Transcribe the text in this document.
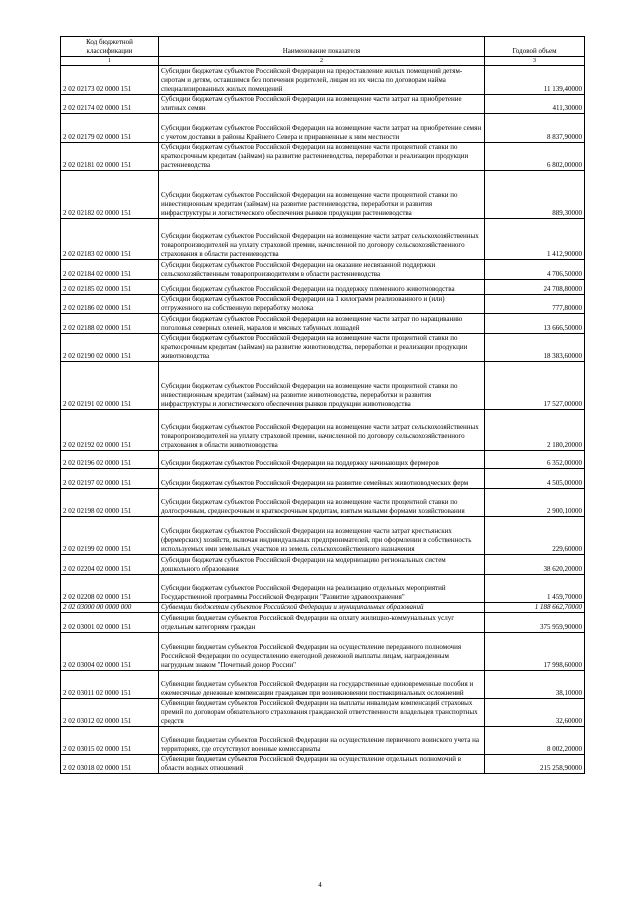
Код бюджетной классификации	Наименование показателя	Годовой объем
1	2	3
2 02 02173 02 0000 151	Субсидии бюджетам субъектов Российской Федерации на предоставление жилых помещений детям-сиротам и детям, оставшимся без попечения родителей, лицам из их числа по договорам найма специализированных жилых помещений	11 139,40000
2 02 02174 02 0000 151	Субсидии бюджетам субъектов Российской Федерации на возмещение части затрат на приобретение элитных семян	411,30000
2 02 02179 02 0000 151	Субсидии бюджетам субъектов Российской Федерации на возмещение части затрат на приобретение семян с учетом доставки в районы Крайнего Севера и приравненные к ним местности	8 837,90000
2 02 02181 02 0000 151	Субсидии бюджетам субъектов Российской Федерации на возмещение части процентной ставки по краткосрочным кредитам (займам) на развитие растениеводства, переработки и реализации продукции растениеводства	6 802,00000
2 02 02182 02 0000 151	Субсидии бюджетам субъектов Российской Федерации на возмещение части процентной ставки по инвестиционным кредитам (займам) на развитие растениеводства, переработки и развития инфраструктуры и логистического обеспечения рынков продукции растениеводства	889,30000
2 02 02183 02 0000 151	Субсидии бюджетам субъектов Российской Федерации на возмещение части затрат сельскохозяйственных товаропроизводителей на уплату страховой премии, начисленной по договору сельскохозяйственного страхования в области растениеводства	1 412,90000
2 02 02184 02 0000 151	Субсидии бюджетам субъектов Российской Федерации на оказание несвязанной поддержки сельскохозяйственным товаропроизводителям в области растениеводства	4 706,50000
2 02 02185 02 0000 151	Субсидии бюджетам субъектов Российской Федерации на поддержку племенного животноводства	24 708,80000
2 02 02186 02 0000 151	Субсидии бюджетам субъектов Российской Федерации на 1 килограмм реализованного и (или) отгруженного на собственную переработку молока	777,80000
2 02 02188 02 0000 151	Субсидии бюджетам субъектов Российской Федерации на возмещение части затрат по наращиванию поголовья северных оленей, маралов и мясных табунных лошадей	13 666,50000
2 02 02190 02 0000 151	Субсидии бюджетам субъектов Российской Федерации на возмещение части процентной ставки по краткосрочным кредитам (займам) на развитие животноводства, переработки и реализации продукции животноводства	18 383,60000
2 02 02191 02 0000 151	Субсидии бюджетам субъектов Российской Федерации на возмещение части процентной ставки по инвестиционным кредитам (займам) на развитие животноводства, переработки и развития инфраструктуры и логистического обеспечения рынков продукции животноводства	17 527,00000
2 02 02192 02 0000 151	Субсидии бюджетам субъектов Российской Федерации на возмещение части затрат сельскохозяйственных товаропроизводителей на уплату страховой премии, начисленной по договору сельскохозяйственного страхования в области животноводства	2 180,20000
2 02 02196 02 0000 151	Субсидии бюджетам субъектов Российской Федерации на поддержку начинающих фермеров	6 352,00000
2 02 02197 02 0000 151	Субсидии бюджетам субъектов Российской Федерации на развитие семейных животноводческих ферм	4 505,00000
2 02 02198 02 0000 151	Субсидии бюджетам субъектов Российской Федерации на возмещение части процентной ставки по долгосрочным, среднесрочным и краткосрочным кредитам, взятым малыми формами хозяйствования	2 900,10000
2 02 02199 02 0000 151	Субсидии бюджетам субъектов Российской Федерации на возмещение части затрат крестьянских (фермерских) хозяйств, включая индивидуальных предпринимателей, при оформлении в собственность используемых ими земельных участков из земель сельскохозяйственного назначения	229,60000
2 02 02204 02 0000 151	Субсидии бюджетам субъектов Российской Федерации на модернизацию региональных систем дошкольного образования	38 620,20000
2 02 02208 02 0000 151	Субсидии бюджетам субъектов Российской Федерации на реализацию отдельных мероприятий Государственной программы Российской Федерации "Развитие здравоохранения"	1 459,70000
2 02 03000 00 0000 000	Субвенции бюджетам субъектов Российской Федерации и муниципальных образований	1 188 662,70000
2 02 03001 02 0000 151	Субвенции бюджетам субъектов Российской Федерации на оплату жилищно-коммунальных услуг отдельным категориям граждан	375 959,90000
2 02 03004 02 0000 151	Субвенции бюджетам субъектов Российской Федерации на осуществление переданного полномочия Российской Федерации по осуществлению ежегодной денежной выплаты лицам, награжденным нагрудным знаком "Почетный донор России"	17 998,60000
2 02 03011 02 0000 151	Субвенции бюджетам субъектов Российской Федерации на государственные единовременные пособия и ежемесячные денежные компенсации гражданам при возникновении поствакцинальных осложнений	38,10000
2 02 03012 02 0000 151	Субвенции бюджетам субъектов Российской Федерации на выплаты инвалидам компенсаций страховых премий по договорам обязательного страхования гражданской ответственности владельцев транспортных средств	32,60000
2 02 03015 02 0000 151	Субвенции бюджетам субъектов Российской Федерации на осуществление первичного воинского учета на территориях, где отсутствуют военные комиссариаты	8 002,20000
2 02 03018 02 0000 151	Субвенции бюджетам субъектов Российской Федерации на осуществление отдельных полномочий в области водных отношений	215 258,90000
4
